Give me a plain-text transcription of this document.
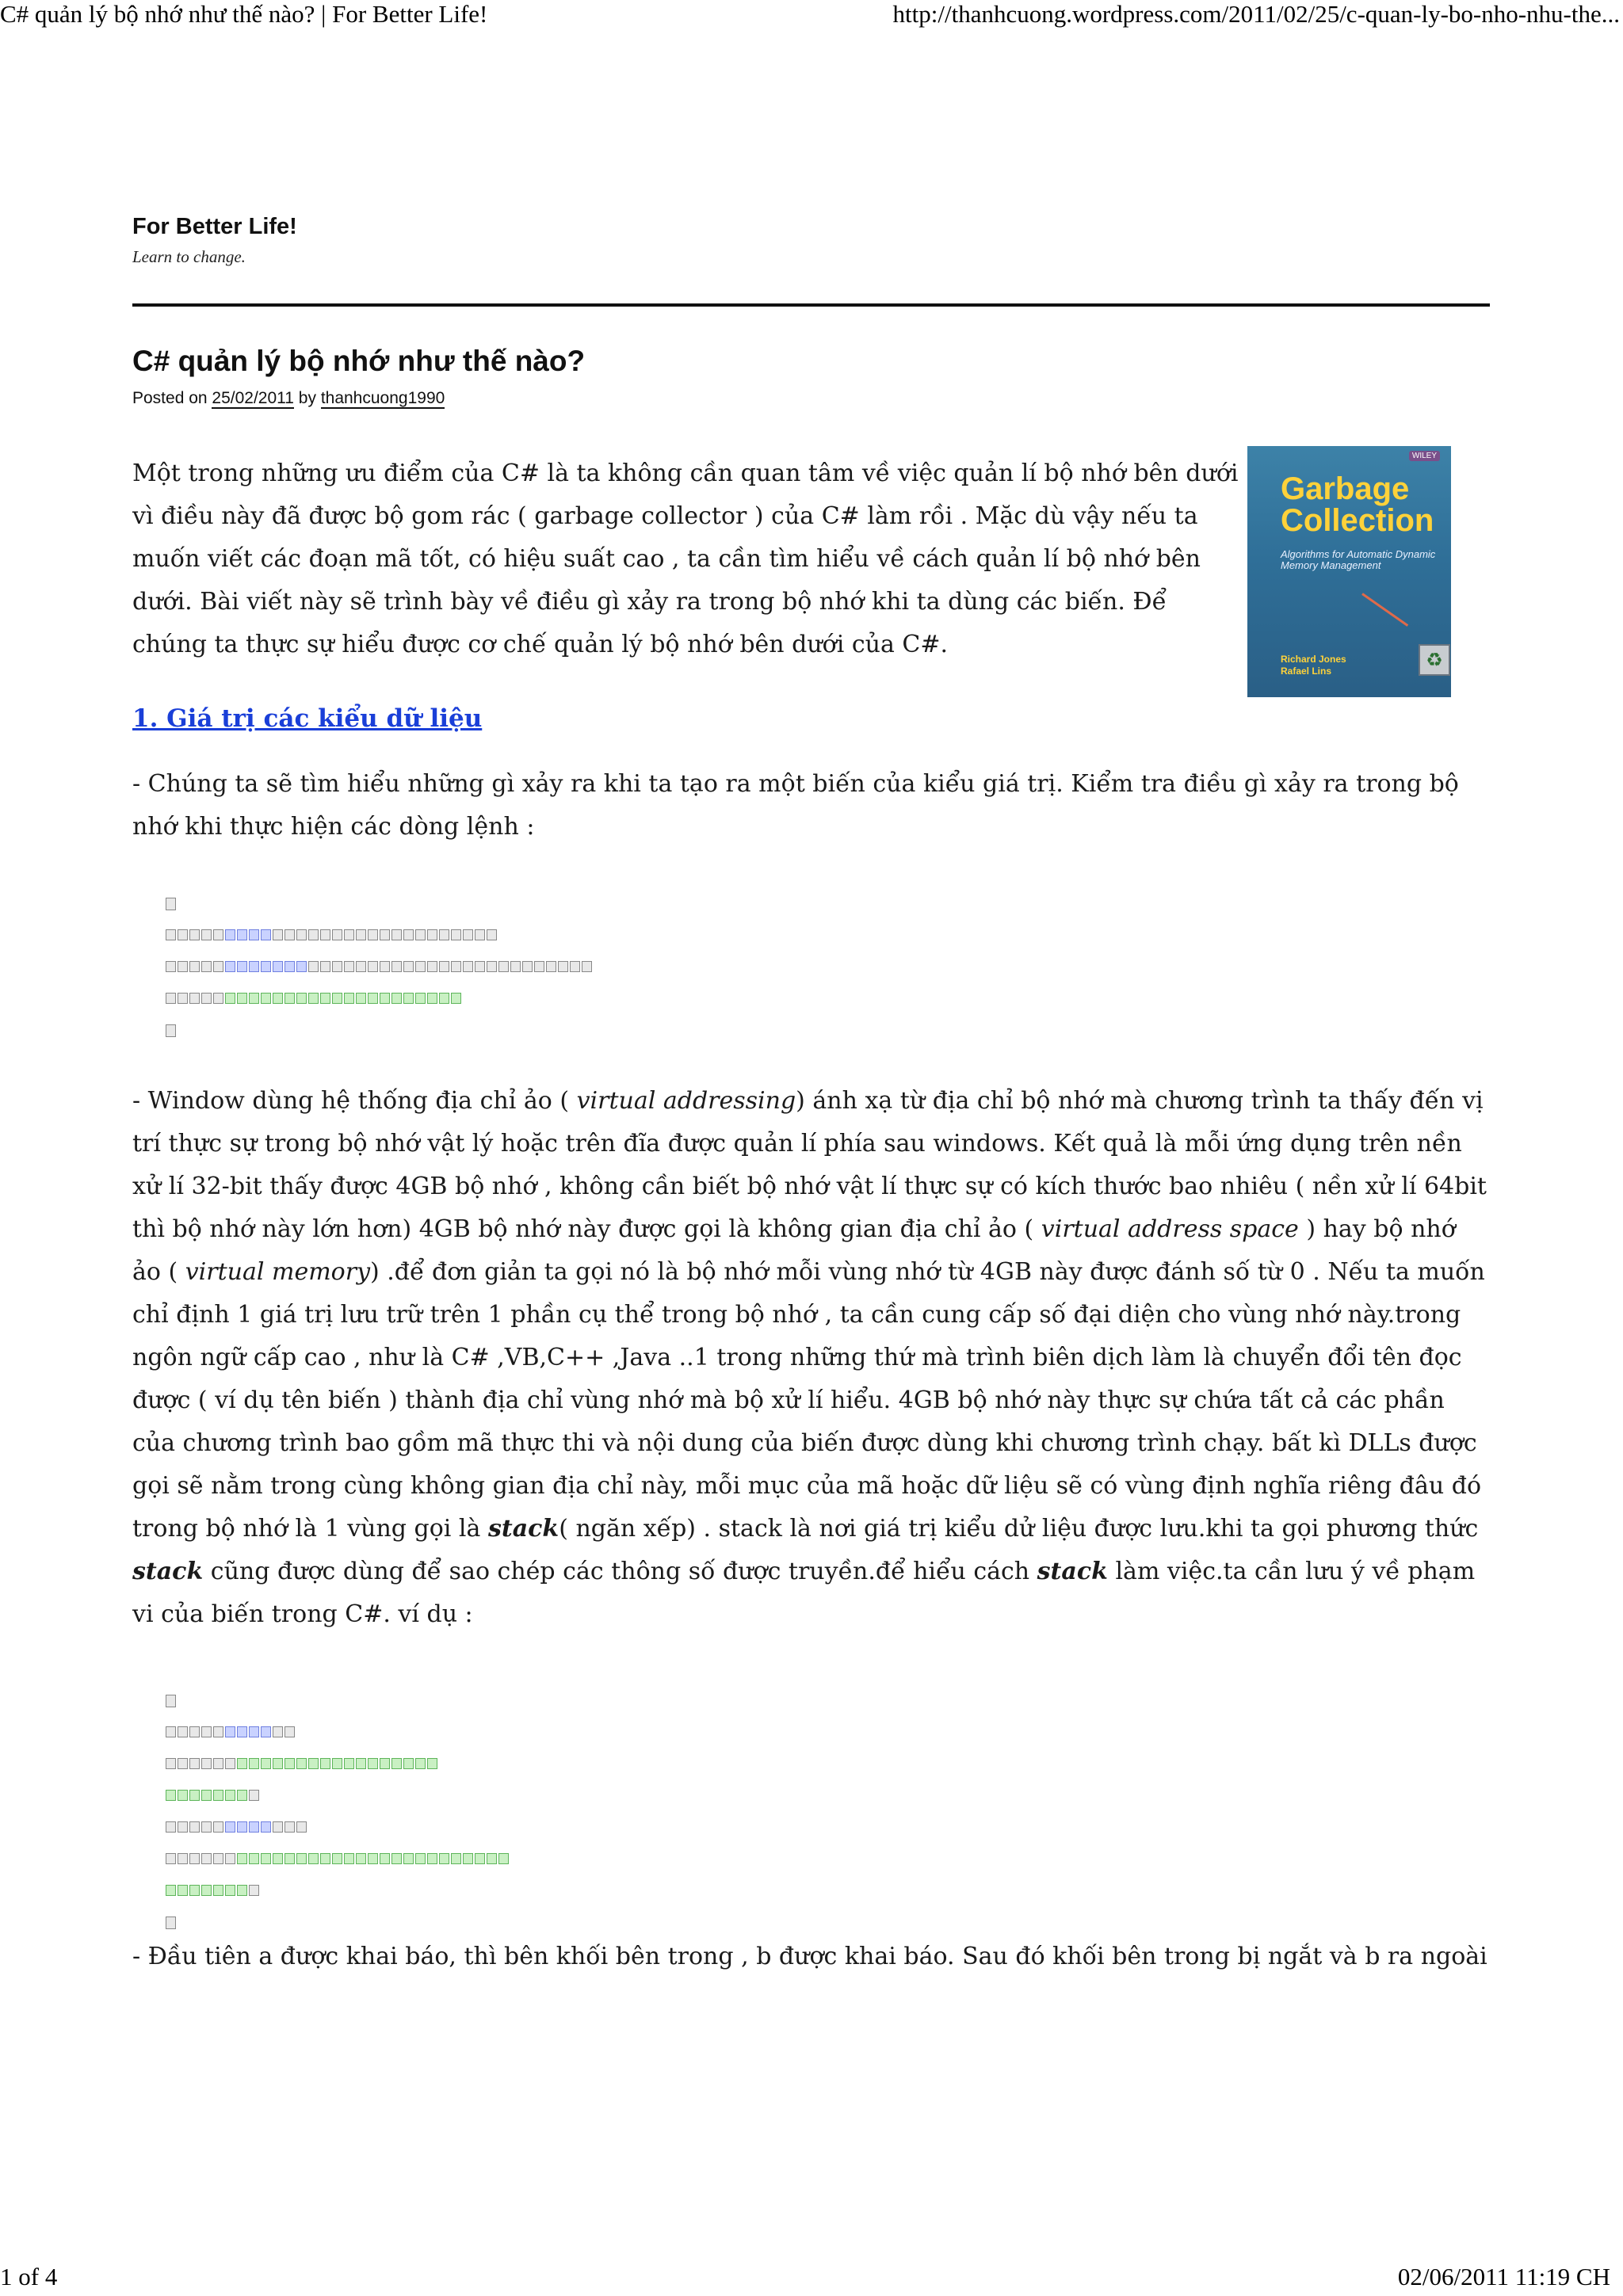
C# quản lý bộ nhớ như thế nào? | For Better Life!	http://thanhcuong.wordpress.com/2011/02/25/c-quan-ly-bo-nho-nhu-the...
For Better Life!
Learn to change.
C# quản lý bộ nhớ như thế nào?
Posted on 25/02/2011 by thanhcuong1990
WILEY
Garbage
Collection
Algorithms for Automatic Dynamic Memory Management
Richard Jones
Rafael Lins	♻

Một trong những ưu điểm của C# là ta không cần quan tâm về việc quản lí bộ nhớ bên dưới vì điều này đã được bộ gom rác ( garbage collector ) của C# làm rồi . Mặc dù vậy nếu ta muốn viết các đoạn mã tốt, có hiệu suất cao , ta cần tìm hiểu về cách quản lí bộ nhớ bên dưới. Bài viết này sẽ trình bày về điều gì xảy ra trong bộ nhớ khi ta dùng các biến. Để chúng ta thực sự hiểu được cơ chế quản lý bộ nhớ bên dưới của C#.

1. Giá trị các kiểu dữ liệu

- Chúng ta sẽ tìm hiểu những gì xảy ra khi ta tạo ra một biến của kiểu giá trị. Kiểm tra điều gì xảy ra trong bộ nhớ khi thực hiện các dòng lệnh :

- Window dùng hệ thống địa chỉ ảo ( virtual addressing) ánh xạ từ địa chỉ bộ nhớ mà chương trình ta thấy đến vị trí thực sự trong bộ nhớ vật lý hoặc trên đĩa được quản lí phía sau windows. Kết quả là mỗi ứng dụng trên nền xử lí 32-bit thấy được 4GB bộ nhớ , không cần biết bộ nhớ vật lí thực sự có kích thước bao nhiêu ( nền xử lí 64bit thì bộ nhớ này lớn hơn) 4GB bộ nhớ này được gọi là không gian địa chỉ ảo ( virtual address space ) hay bộ nhớ ảo ( virtual memory) .để đơn giản ta gọi nó là bộ nhớ mỗi vùng nhớ từ 4GB này được đánh số từ 0 . Nếu ta muốn chỉ định 1 giá trị lưu trữ trên 1 phần cụ thể trong bộ nhớ , ta cần cung cấp số đại diện cho vùng nhớ này.trong ngôn ngữ cấp cao , như là C# ,VB,C++ ,Java ..1 trong những thứ mà trình biên dịch làm là chuyển đổi tên đọc được ( ví dụ tên biến ) thành địa chỉ vùng nhớ mà bộ xử lí hiểu. 4GB bộ nhớ này thực sự chứa tất cả các phần của chương trình bao gồm mã thực thi và nội dung của biến được dùng khi chương trình chạy. bất kì DLLs được gọi sẽ nằm trong cùng không gian địa chỉ này, mỗi mục của mã hoặc dữ liệu sẽ có vùng định nghĩa riêng đâu đó trong bộ nhớ là 1 vùng gọi là stack( ngăn xếp) . stack là nơi giá trị kiểu dử liệu được lưu.khi ta gọi phương thức stack cũng được dùng để sao chép các thông số được truyền.để hiểu cách stack làm việc.ta cần lưu ý về phạm vi của biến trong C#. ví dụ :

- Đầu tiên a được khai báo, thì bên khối bên trong , b được khai báo. Sau đó khối bên trong bị ngắt và b ra ngoài

1 of 4	02/06/2011 11:19 CH
